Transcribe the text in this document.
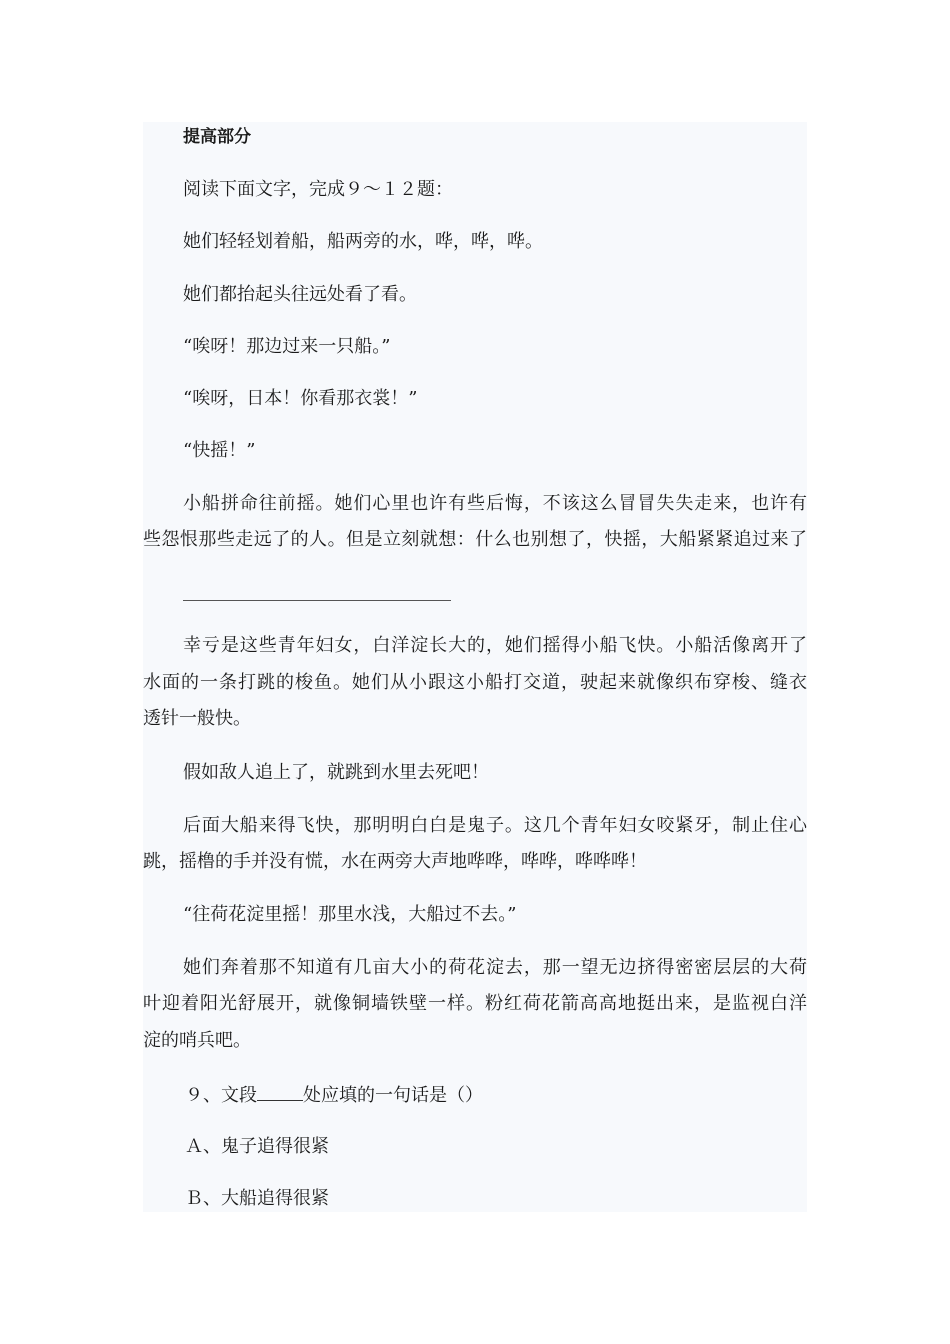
提高部分
阅读下面文字，完成９～１２题：
她们轻轻划着船，船两旁的水，哗，哗，哗。
她们都抬起头往远处看了看。
“唉呀！那边过来一只船。”
“唉呀，日本！你看那衣裳！”
“快摇！”
小船拼命往前摇。她们心里也许有些后悔，不该这么冒冒失失走来，也许有
些怨恨那些走远了的人。但是立刻就想：什么也别想了，快摇，大船紧紧追过来了
幸亏是这些青年妇女，白洋淀长大的，她们摇得小船飞快。小船活像离开了
水面的一条打跳的梭鱼。她们从小跟这小船打交道，驶起来就像织布穿梭、缝衣
透针一般快。
假如敌人追上了，就跳到水里去死吧！
后面大船来得飞快，那明明白白是鬼子。这几个青年妇女咬紧牙，制止住心
跳，摇橹的手并没有慌，水在两旁大声地哗哗，哗哗，哗哗哗！
“往荷花淀里摇！那里水浅，大船过不去。”
她们奔着那不知道有几亩大小的荷花淀去，那一望无边挤得密密层层的大荷
叶迎着阳光舒展开，就像铜墙铁壁一样。粉红荷花箭高高地挺出来，是监视白洋
淀的哨兵吧。
９、文段	处应填的一句话是（）
Ａ、鬼子追得很紧
Ｂ、大船追得很紧
